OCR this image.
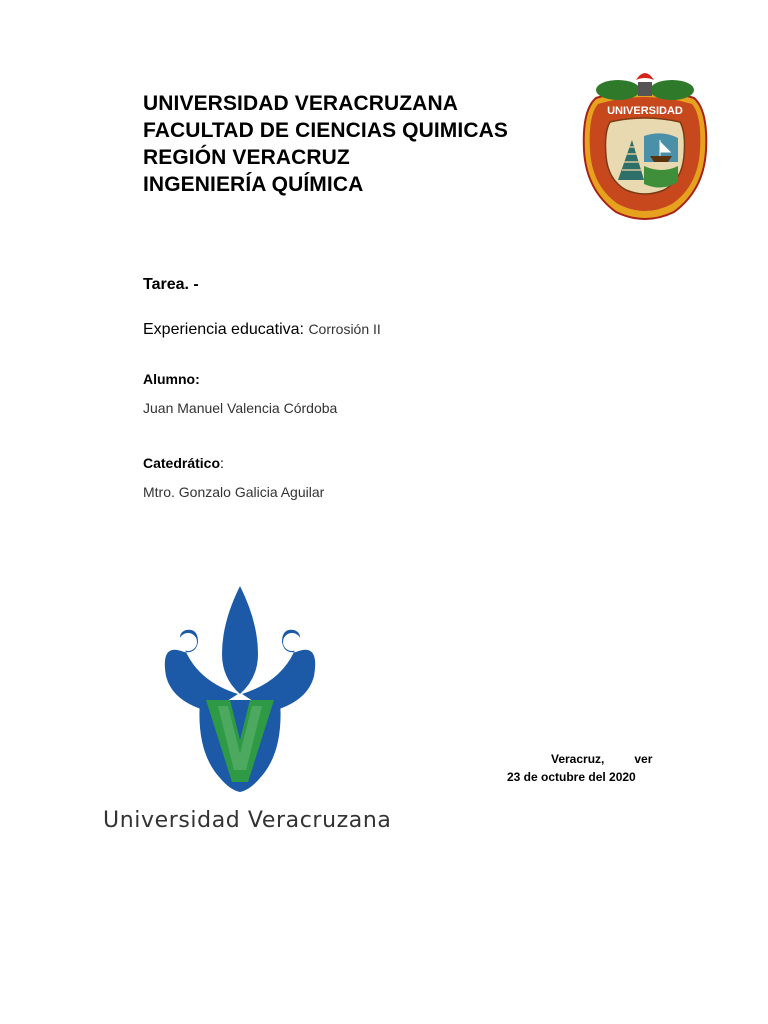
UNIVERSIDAD VERACRUZANA
FACULTAD DE CIENCIAS QUIMICAS
REGIÓN VERACRUZ
INGENIERÍA QUÍMICA
UNIVERSIDAD
Tarea. -
Experiencia educativa: Corrosión II
Alumno:
Juan Manuel Valencia Córdoba
Catedrático:
Mtro. Gonzalo Galicia Aguilar
Universidad Veracruzana
Veracruz,	ver
23 de octubre del 2020
